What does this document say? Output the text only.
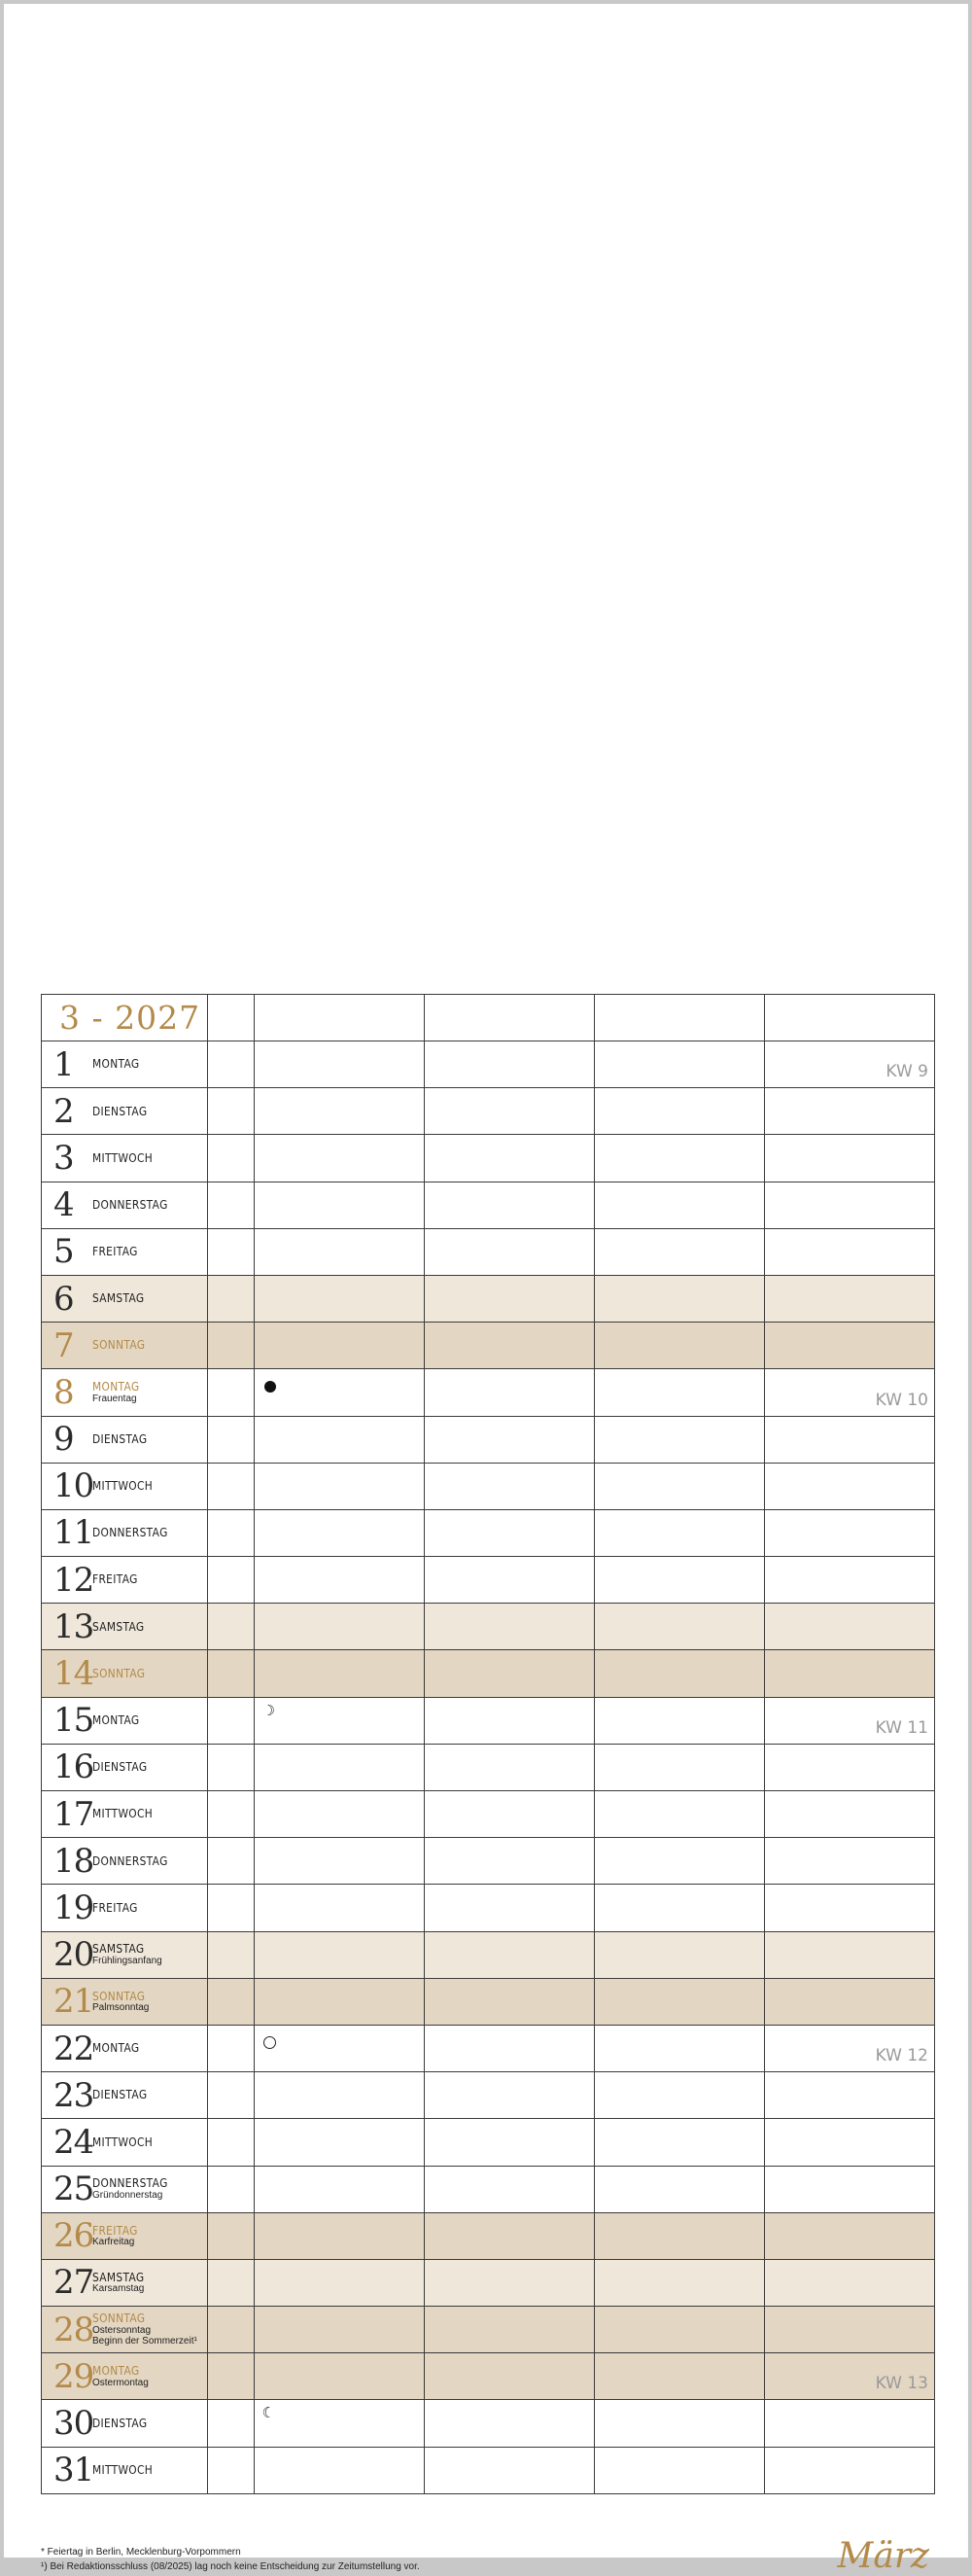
3 - 2027					

1 MONTAG					KW 9

2 DIENSTAG					

3 MITTWOCH					

4 DONNERSTAG					

5 FREITAG					

6 SAMSTAG					

7 SONNTAG					

8 MONTAG
Frauentag					KW 10

9 DIENSTAG					

10
MITTWOCH					

11
DONNERSTAG					

12
FREITAG					

13
SAMSTAG					

14
SONNTAG					

15
MONTAG		☽			KW 11

16
DIENSTAG					

17
MITTWOCH					

18
DONNERSTAG					

19
FREITAG					

20
SAMSTAG
Frühlingsanfang					

21
SONNTAG
Palmsonntag					

22
MONTAG					KW 12

23
DIENSTAG					

24
MITTWOCH					

25
DONNERSTAG
Gründonnerstag					

26
FREITAG
Karfreitag					

27
SAMSTAG
Karsamstag					

28
SONNTAG
Ostersonntag
Beginn der Sommerzeit¹					

29
MONTAG
Ostermontag					KW 13

30
DIENSTAG		☾			

31
MITTWOCH					

* Feiertag in Berlin, Mecklenburg-Vorpommern
¹) Bei Redaktionsschluss (08/2025) lag noch keine Entscheidung zur Zeitumstellung vor.	März
